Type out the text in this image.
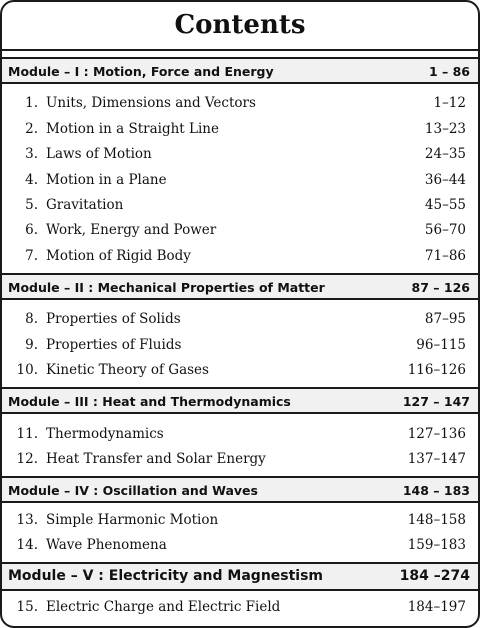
Contents
Module – I : Motion, Force and Energy	1 – 86
1. Units, Dimensions and Vectors	1–12
2. Motion in a Straight Line	13–23
3. Laws of Motion	24–35
4. Motion in a Plane	36–44
5. Gravitation	45–55
6. Work, Energy and Power	56–70
7. Motion of Rigid Body	71–86
Module – II : Mechanical Properties of Matter	87 – 126
8. Properties of Solids	87–95
9. Properties of Fluids	96–115
10. Kinetic Theory of Gases	116–126
Module – III : Heat and Thermodynamics	127 – 147
11. Thermodynamics	127–136
12. Heat Transfer and Solar Energy	137–147
Module – IV : Oscillation and Waves	148 – 183
13. Simple Harmonic Motion	148–158
14. Wave Phenomena	159–183
Module – V : Electricity and Magnestism	184 –274
15. Electric Charge and Electric Field	184–197
